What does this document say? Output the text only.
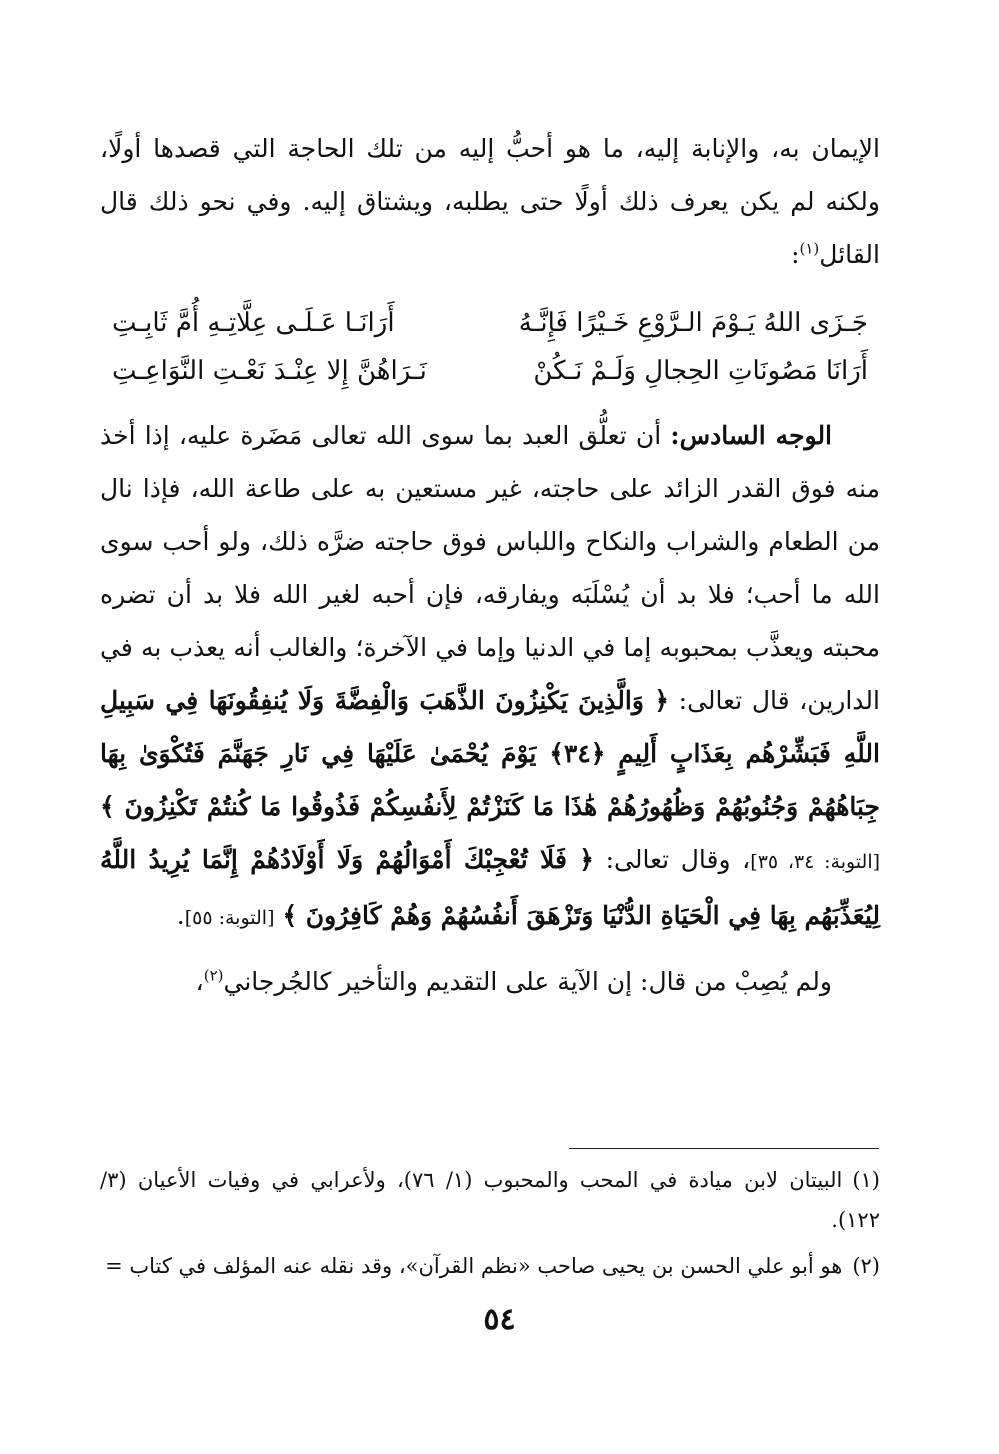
الإيمان به، والإنابة إليه، ما هو أحبُّ إليه من تلك الحاجة التي قصدها أولًا، ولكنه لم يكن يعرف ذلك أولًا حتى يطلبه، ويشتاق إليه. وفي نحو ذلك قال القائل$^{(١)}$:

جَـزَى اللهُ يَـوْمَ الـرَّوْعِ خَـيْرًا فَإِنَّـهُ
أَرَانَـا عَـلَـى عِلَّاتِـهِ أُمَّ ثَابِـتِ
أَرَانَا مَصُونَاتِ الحِجالِ وَلَـمْ نَـكُنْ
نَـرَاهُنَّ إِلا عِنْـدَ نَعْـتِ النَّوَاعِـتِ

الوجه السادس: أن تعلُّق العبد بما سوى الله تعالى مَضَرة عليه، إذا أخذ منه فوق القدر الزائد على حاجته، غير مستعين به على طاعة الله، فإذا نال من الطعام والشراب والنكاح واللباس فوق حاجته ضرَّه ذلك، ولو أحب سوى الله ما أحب؛ فلا بد أن يُسْلَبَه ويفارقه، فإن أحبه لغير الله فلا بد أن تضره محبته ويعذَّب بمحبوبه إما في الدنيا وإما في الآخرة؛ والغالب أنه يعذب به في الدارين، قال تعالى: ﴿ وَالَّذِينَ يَكْنِزُونَ الذَّهَبَ وَالْفِضَّةَ وَلَا يُنفِقُونَهَا فِي سَبِيلِ اللَّهِ فَبَشِّرْهُم بِعَذَابٍ أَلِيمٍ ﴿٣٤﴾ يَوْمَ يُحْمَىٰ عَلَيْهَا فِي نَارِ جَهَنَّمَ فَتُكْوَىٰ بِهَا جِبَاهُهُمْ وَجُنُوبُهُمْ وَظُهُورُهُمْ هَٰذَا مَا كَنَزْتُمْ لِأَنفُسِكُمْ فَذُوقُوا مَا كُنتُمْ تَكْنِزُونَ ﴾ [التوبة: ٣٤، ٣٥]، وقال تعالى: ﴿ فَلَا تُعْجِبْكَ أَمْوَالُهُمْ وَلَا أَوْلَادُهُمْ إِنَّمَا يُرِيدُ اللَّهُ لِيُعَذِّبَهُم بِهَا فِي الْحَيَاةِ الدُّنْيَا وَتَزْهَقَ أَنفُسُهُمْ وَهُمْ كَافِرُونَ ﴾ [التوبة: ٥٥].

ولم يُصِبْ من قال: إن الآية على التقديم والتأخير كالجُرجاني$^{(٢)}$،

(١)البيتان لابن ميادة في المحب والمحبوب (١/ ٧٦)، ولأعرابي في وفيات الأعيان (٣/ ١٢٢).

(٢)هو أبو علي الحسن بن يحيى صاحب «نظم القرآن»، وقد نقله عنه المؤلف في كتاب =

٥٤
